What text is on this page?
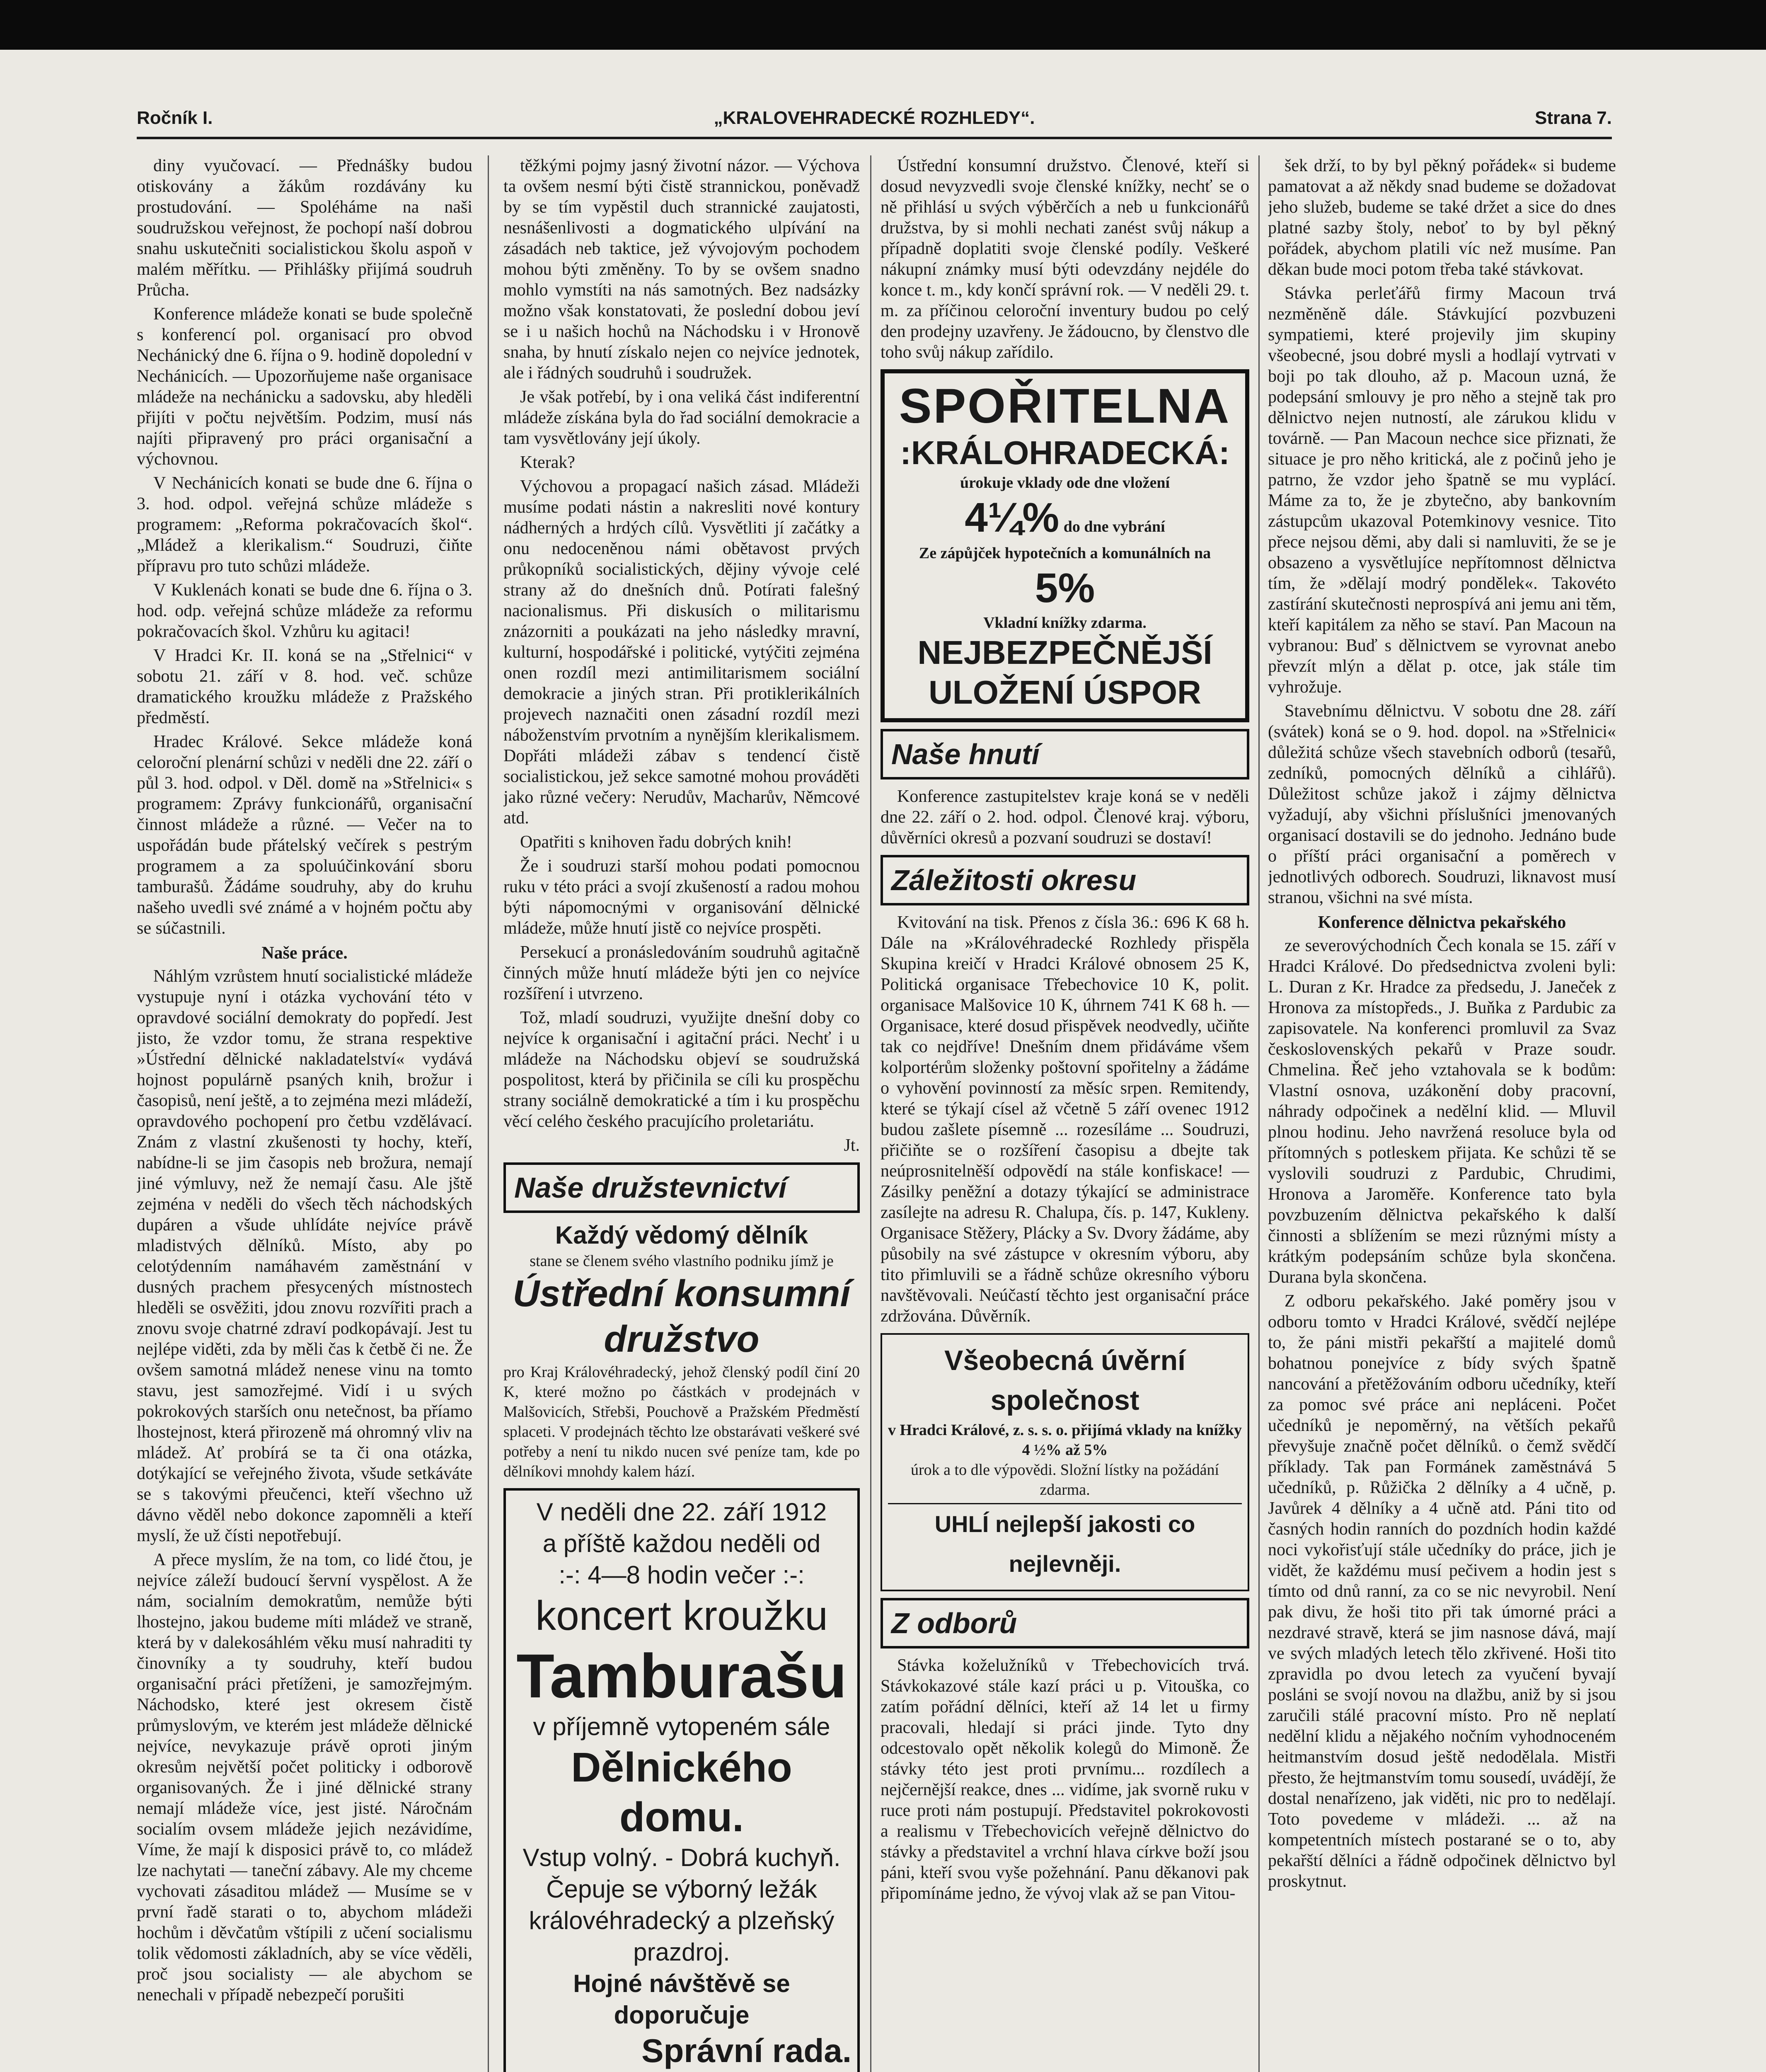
Ročník I.	„KRALOVEHRADECKÉ ROZHLEDY“.	Strana 7.

diny vyučovací. — Přednášky budou otiskovány a žákům rozdávány ku prostudování. — Spoléháme na naši soudružskou veřejnost, že pochopí naší dobrou snahu uskutečniti socialistickou školu aspoň v malém měřítku. — Přihlášky přijímá soudruh Průcha.

Konference mládeže konati se bude společně s konferencí pol. organisací pro obvod Nechánický dne 6. října o 9. hodině dopolední v Nechánicích. — Upozorňujeme naše organisace mládeže na nechánicku a sadovsku, aby hleděli přijíti v počtu největším. Podzim, musí nás najíti připravený pro práci organisační a výchovnou.

V Nechánicích konati se bude dne 6. října o 3. hod. odpol. veřejná schůze mládeže s programem: „Reforma pokračovacích škol“. „Mládež a klerikalism.“ Soudruzi, čiňte přípravu pro tuto schůzi mládeže.

V Kuklenách konati se bude dne 6. října o 3. hod. odp. veřejná schůze mládeže za reformu pokračovacích škol. Vzhůru ku agitaci!

V Hradci Kr. II. koná se na „Střelnici“ v sobotu 21. září v 8. hod. več. schůze dramatického kroužku mládeže z Pražského předměstí.

Hradec Králové. Sekce mládeže koná celoroční plenární schůzi v neděli dne 22. září o půl 3. hod. odpol. v Děl. domě na »Střelnici« s programem: Zprávy funkcionářů, organisační činnost mládeže a různé. — Večer na to uspořádán bude přátelský večírek s pestrým programem a za spoluúčinkování sboru tamburašů. Žádáme soudruhy, aby do kruhu našeho uvedli své známé a v hojném počtu aby se súčastnili.

Naše práce.

Náhlým vzrůstem hnutí socialistické mládeže vystupuje nyní i otázka vychování této v opravdové sociální demokraty do popředí. Jest jisto, že vzdor tomu, že strana respektive »Ústřední dělnické nakladatelství« vydává hojnost populárně psaných knih, brožur i časopisů, není ještě, a to zejména mezi mládeží, opravdového pochopení pro četbu vzdělávací. Znám z vlastní zkušenosti ty hochy, kteří, nabídne-li se jim časopis neb brožura, nemají jiné výmluvy, než že nemají času. Ale jště zejména v neděli do všech těch náchodských dupáren a všude uhlídáte nejvíce právě mladistvých dělníků. Místo, aby po celotýdenním namáhavém zaměstnání v dusných prachem přesycených místnostech hleděli se osvěžiti, jdou znovu rozvířiti prach a znovu svoje chatrné zdraví podkopávají. Jest tu nejlépe viděti, zda by měli čas k četbě či ne. Že ovšem samotná mládež nenese vinu na tomto stavu, jest samozřejmé. Vidí i u svých pokrokových starších onu netečnost, ba příamo lhostejnost, která přirozeně má ohromný vliv na mládež. Ať probírá se ta či ona otázka, dotýkající se veřejného života, všude setkáváte se s takovými přeučenci, kteří všechno už dávno věděl nebo dokonce zapomněli a kteří myslí, že už čísti nepotřebují.

A přece myslím, že na tom, co lidé čtou, je nejvíce záleží budoucí šervní vyspělost. A že nám, socialním demokratům, nemůže býti lhostejno, jakou budeme míti mládež ve straně, která by v dalekosáhlém věku musí nahraditi ty činovníky a ty soudruhy, kteří budou organisační práci přetíženi, je samozřejmým. Náchodsko, které jest okresem čistě průmyslovým, ve kterém jest mládeže dělnické nejvíce, nevykazuje právě oproti jiným okresům největší počet politicky i odborově organisovaných. Že i jiné dělnické strany nemají mládeže více, jest jisté. Náročnám socialím ovsem mládeže jejich nezávidíme, Víme, že mají k disposici právě to, co mládež lze nachytati — taneční zábavy. Ale my chceme vychovati zásaditou mládež — Musíme se v první řadě starati o to, abychom mládeži hochům i děvčatům vštípili z učení socialismu tolik vědomosti základních, aby se více věděli, proč jsou socialisty — ale abychom se nenechali v případě nebezpečí porušiti

těžkými pojmy jasný životní názor. — Výchova ta ovšem nesmí býti čistě strannickou, poněvadž by se tím vypěstil duch strannické zaujatosti, nesnášenlivosti a dogmatického ulpívání na zásadách neb taktice, jež vývojovým pochodem mohou býti změněny. To by se ovšem snadno mohlo vymstíti na nás samotných. Bez nadsázky možno však konstatovati, že poslední dobou jeví se i u našich hochů na Náchodsku i v Hronově snaha, by hnutí získalo nejen co nejvíce jednotek, ale i řádných soudruhů i soudružek.

Je však potřebí, by i ona veliká část indiferentní mládeže získána byla do řad sociální demokracie a tam vysvětlovány její úkoly.

Kterak?

Výchovou a propagací našich zásad. Mládeži musíme podati nástin a nakresliti nové kontury nádherných a hrdých cílů. Vysvětliti jí začátky a onu nedoceněnou námi obětavost prvých průkopníků socialistických, dějiny vývoje celé strany až do dnešních dnů. Potírati falešný nacionalismus. Při diskusích o militarismu znázorniti a poukázati na jeho následky mravní, kulturní, hospodářské i politické, vytýčiti zejména onen rozdíl mezi antimilitarismem sociální demokracie a jiných stran. Při protiklerikálních projevech naznačiti onen zásadní rozdíl mezi náboženstvím prvotním a nynějším klerikalismem. Dopřáti mládeži zábav s tendencí čistě socialistickou, jež sekce samotné mohou prováděti jako různé večery: Nerudův, Macharův, Němcové atd.

Opatřiti s knihoven řadu dobrých knih!

Že i soudruzi starší mohou podati pomocnou ruku v této práci a svojí zkušeností a radou mohou býti nápomocnými v organisování dělnické mládeže, může hnutí jistě co nejvíce prospěti.

Persekucí a pronásledováním soudruhů agitačně činných může hnutí mládeže býti jen co nejvíce rozšíření i utvrzeno.

Tož, mladí soudruzi, využijte dnešní doby co nejvíce k organisační i agitační práci. Nechť i u mládeže na Náchodsku objeví se soudružská pospolitost, která by přičinila se cíli ku prospěchu strany sociálně demokratické a tím i ku prospěchu věcí celého českého pracujícího proletariátu.

Jt.

Naše družstevnictví
Každý vědomý dělník
stane se členem svého vlastního podniku jímž je
Ústřední konsumní družstvo
pro Kraj Královéhradecký, jehož členský podíl činí 20 K, které možno po částkách v prodejnách v Malšovicích, Střebši, Pouchově a Pražském Předměstí splaceti. V prodejnách těchto lze obstarávati veškeré své potřeby a není tu nikdo nucen své peníze tam, kde po dělníkovi mnohdy kalem hází.
V neděli dne 22. září 1912
a příště každou neděli od
:-: 4—8 hodin večer :-:
koncert kroužku
Tamburašu
v příjemně vytopeném sále
Dělnického domu.
Vstup volný. - Dobrá kuchyň.
Čepuje se výborný ležák královéhradecký a plzeňský prazdroj.
Hojné návštěvě se doporučuje
Správní rada.

Ústřední konsumní družstvo. Členové, kteří si dosud nevyzvedli svoje členské knížky, nechť se o ně přihlásí u svých výběrčích a neb u funkcionářů družstva, by si mohli nechati zanést svůj nákup a případně doplatiti svoje členské podíly. Veškeré nákupní známky musí býti odevzdány nejdéle do konce t. m., kdy končí správní rok. — V neděli 29. t. m. za příčinou celoroční inventury budou po celý den prodejny uzavřeny. Je žádoucno, by členstvo dle toho svůj nákup zařídilo.

SPOŘITELNA
:KRÁLOHRADECKÁ:
úrokuje vklady ode dne vložení
4¼% do dne vybrání
Ze zápůjček hypotečních a komunálních na 5%
Vkladní knížky zdarma.
NEJBEZPEČNĚJŠÍ
ULOŽENÍ ÚSPOR
Naše hnutí

Konference zastupitelstev kraje koná se v neděli dne 22. září o 2. hod. odpol. Členové kraj. výboru, důvěrníci okresů a pozvaní soudruzi se dostaví!

Záležitosti okresu

Kvitování na tisk. Přenos z čísla 36.: 696 K 68 h. Dále na »Královéhradecké Rozhledy přispěla Skupina kreičí v Hradci Králové obnosem 25 K, Politická organisace Třebechovice 10 K, polit. organisace Malšovice 10 K, úhrnem 741 K 68 h. — Organisace, které dosud přispěvek neodvedly, učiňte tak co nejdříve! Dnešním dnem přidáváme všem kolportérům složenky poštovní spořitelny a žádáme o vyhovění povinností za měsíc srpen. Remitendy, které se týkají císel až včetně 5 září ovenec 1912 budou zašlete písemně ... rozesíláme ... Soudruzi, přičiňte se o rozšíření časopisu a dbejte tak neúprosnitelněší odpovědí na stále konfiskace! — Zásilky peněžní a dotazy týkající se administrace zasílejte na adresu R. Chalupa, čís. p. 147, Kukleny. Organisace Stěžery, Plácky a Sv. Dvory žádáme, aby působily na své zástupce v okresním výboru, aby tito přimluvili se a řádně schůze okresního výboru navštěvovali. Neúčastí těchto jest organisační práce zdržována. Důvěrník.

Všeobecná úvěrní společnost
v Hradci Králové, z. s. s. o. přijímá vklady na knížky 4 ½% až 5%
úrok a to dle výpovědi. Složní lístky na požádání zdarma.
UHLÍ nejlepší jakosti co nejlevněji.
Z odborů

Stávka koželužníků v Třebechovicích trvá. Stávkokazové stále kazí práci u p. Vitouška, co zatím pořádní dělníci, kteří až 14 let u firmy pracovali, hledají si práci jinde. Tyto dny odcestovalo opět několik kolegů do Mimoně. Že stávky této jest proti prvnímu... rozdílech a nejčernější reakce, dnes ... vidíme, jak svorně ruku v ruce proti nám postupují. Představitel pokrokovosti a realismu v Třebechovicích veřejně dělnictvo do stávky a představitel a vrchní hlava církve boží jsou páni, kteří svou vyše požehnání. Panu děkanovi pak připomínáme jedno, že vývoj vlak až se pan Vitou-

šek drží, to by byl pěkný pořádek« si budeme pamatovat a až někdy snad budeme se dožadovat jeho služeb, budeme se také držet a sice do dnes platné sazby štoly, neboť to by byl pěkný pořádek, abychom platili víc než musíme. Pan děkan bude moci potom třeba také stávkovat.

Stávka perleťářů firmy Macoun trvá nezměněně dále. Stávkující pozvbuzeni sympatiemi, které projevily jim skupiny všeobecné, jsou dobré mysli a hodlají vytrvati v boji po tak dlouho, až p. Macoun uzná, že podepsání smlouvy je pro něho a stejně tak pro dělnictvo nejen nutností, ale zárukou klidu v továrně. — Pan Macoun nechce sice přiznati, že situace je pro něho kritická, ale z počinů jeho je patrno, že vzdor jeho špatně se mu vyplácí. Máme za to, že je zbytečno, aby bankovním zástupcům ukazoval Potemkinovy vesnice. Tito přece nejsou děmi, aby dali si namluviti, že se je obsazeno a vysvětlujíce nepřítomnost dělnictva tím, že »dělají modrý pondělek«. Takovéto zastírání skutečnosti neprospívá ani jemu ani těm, kteří kapitálem za něho se staví. Pan Macoun na vybranou: Buď s dělnictvem se vyrovnat anebo převzít mlýn a dělat p. otce, jak stále tim vyhrožuje.

Stavebnímu dělnictvu. V sobotu dne 28. září (svátek) koná se o 9. hod. dopol. na »Střelnici« důležitá schůze všech stavebních odborů (tesařů, zedníků, pomocných dělníků a cihlářů). Důležitost schůze jakož i zájmy dělnictva vyžadují, aby všichni příslušníci jmenovaných organisací dostavili se do jednoho. Jednáno bude o příští práci organisační a poměrech v jednotlivých odborech. Soudruzi, liknavost musí stranou, všichni na své místa.

Konference dělnictva pekařského

ze severovýchodních Čech konala se 15. září v Hradci Králové. Do předsednictva zvoleni byli: L. Duran z Kr. Hradce za předsedu, J. Janeček z Hronova za místopředs., J. Buňka z Pardubic za zapisovatele. Na konferenci promluvil za Svaz československých pekařů v Praze soudr. Chmelina. Řeč jeho vztahovala se k bodům: Vlastní osnova, uzákonění doby pracovní, náhrady odpočinek a nedělní klid. — Mluvil plnou hodinu. Jeho navržená resoluce byla od přítomných s potleskem přijata. Ke schůzi tě se vyslovili soudruzi z Pardubic, Chrudimi, Hronova a Jaroměře. Konference tato byla povzbuzením dělnictva pekařského k další činnosti a sblížením se mezi různými místy a krátkým podepsáním schůze byla skončena. Durana byla skončena.

Z odboru pekařského. Jaké poměry jsou v odboru tomto v Hradci Králové, svědčí nejlépe to, že páni mistři pekařští a majitelé domů bohatnou ponejvíce z bídy svých špatně nancování a přetěžováním odboru učedníky, kteří za pomoc své práce ani nepláceni. Počet učedníků je nepoměrný, na větších pekařů převyšuje značně počet dělníků. o čemž svědčí příklady. Tak pan Formánek zaměstnává 5 učedníků, p. Růžička 2 dělníky a 4 učně, p. Javůrek 4 dělníky a 4 učně atd. Páni tito od časných hodin ranních do pozdních hodin každé noci vykořisťují stále učedníky do práce, jich je vidět, že každému musí pečivem a hodin jest s tímto od dnů ranní, za co se nic nevyrobil. Není pak divu, že hoši tito při tak úmorné práci a nezdravé stravě, která se jim nasnose dává, mají ve svých mladých letech tělo zkřivené. Hoši tito zpravidla po dvou letech za vyučení byvají posláni se svojí novou na dlažbu, aniž by si jsou zaručili stálé pracovní místo. Pro ně neplatí nedělní klidu a nějakého nočním vyhodnoceném heitmanstvím dosud ještě nedodělala. Mistři přesto, že hejtmanstvím tomu sousedí, uvádějí, že dostal nenařízeno, jak viděti, nic pro to nedělají. Toto povedeme v mládeži. ... až na kompetentních místech postarané se o to, aby pekařští dělníci a řádně odpočinek dělnictvo byl proskytnut.
